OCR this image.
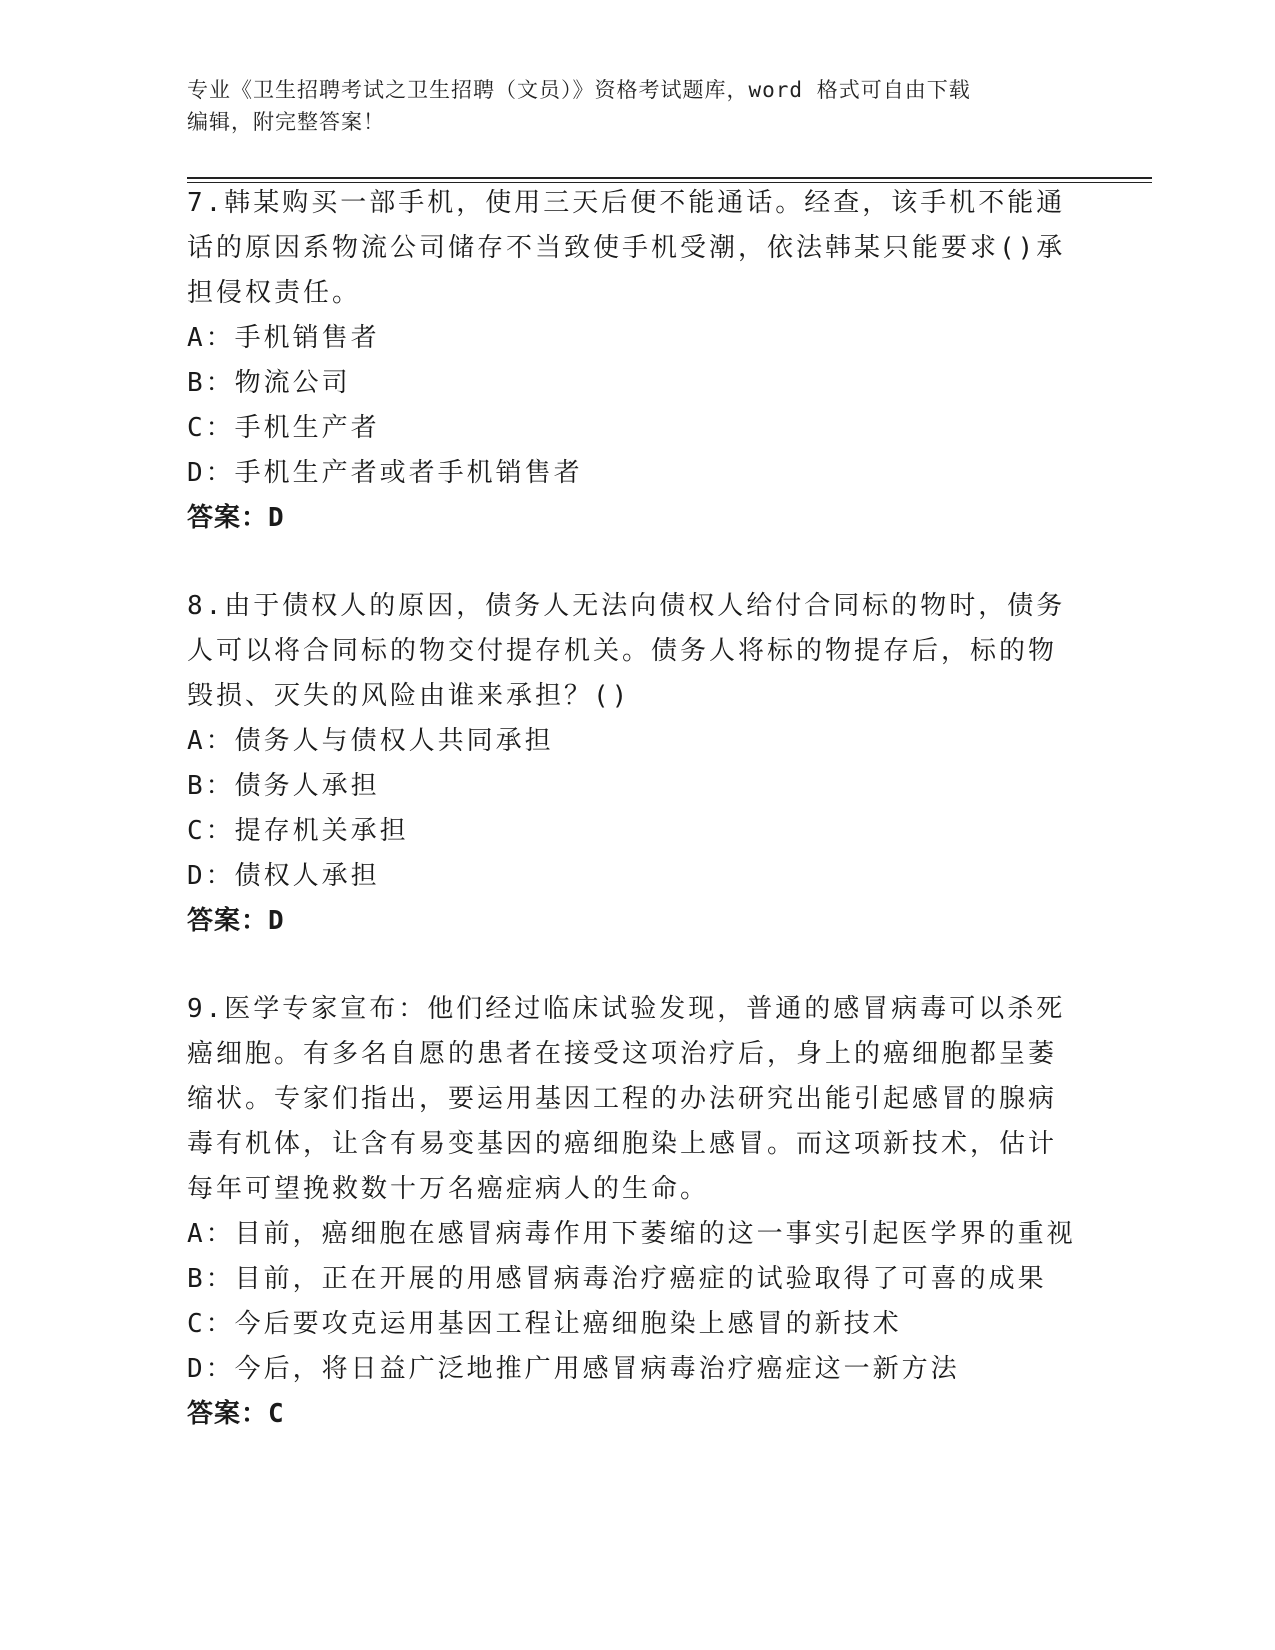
专业《卫生招聘考试之卫生招聘（文员）》资格考试题库，word 格式可自由下载
编辑，附完整答案！

7.韩某购买一部手机，使用三天后便不能通话。经查，该手机不能通
话的原因系物流公司储存不当致使手机受潮，依法韩某只能要求()承
担侵权责任。

A：手机销售者

B：物流公司

C：手机生产者

D：手机生产者或者手机销售者

答案：D

8.由于债权人的原因，债务人无法向债权人给付合同标的物时，债务
人可以将合同标的物交付提存机关。债务人将标的物提存后，标的物
毁损、灭失的风险由谁来承担？()

A：债务人与债权人共同承担

B：债务人承担

C：提存机关承担

D：债权人承担

答案：D

9.医学专家宣布：他们经过临床试验发现，普通的感冒病毒可以杀死
癌细胞。有多名自愿的患者在接受这项治疗后，身上的癌细胞都呈萎
缩状。专家们指出，要运用基因工程的办法研究出能引起感冒的腺病
毒有机体，让含有易变基因的癌细胞染上感冒。而这项新技术，估计
每年可望挽救数十万名癌症病人的生命。

A：目前，癌细胞在感冒病毒作用下萎缩的这一事实引起医学界的重视

B：目前，正在开展的用感冒病毒治疗癌症的试验取得了可喜的成果

C：今后要攻克运用基因工程让癌细胞染上感冒的新技术

D：今后，将日益广泛地推广用感冒病毒治疗癌症这一新方法

答案：C
